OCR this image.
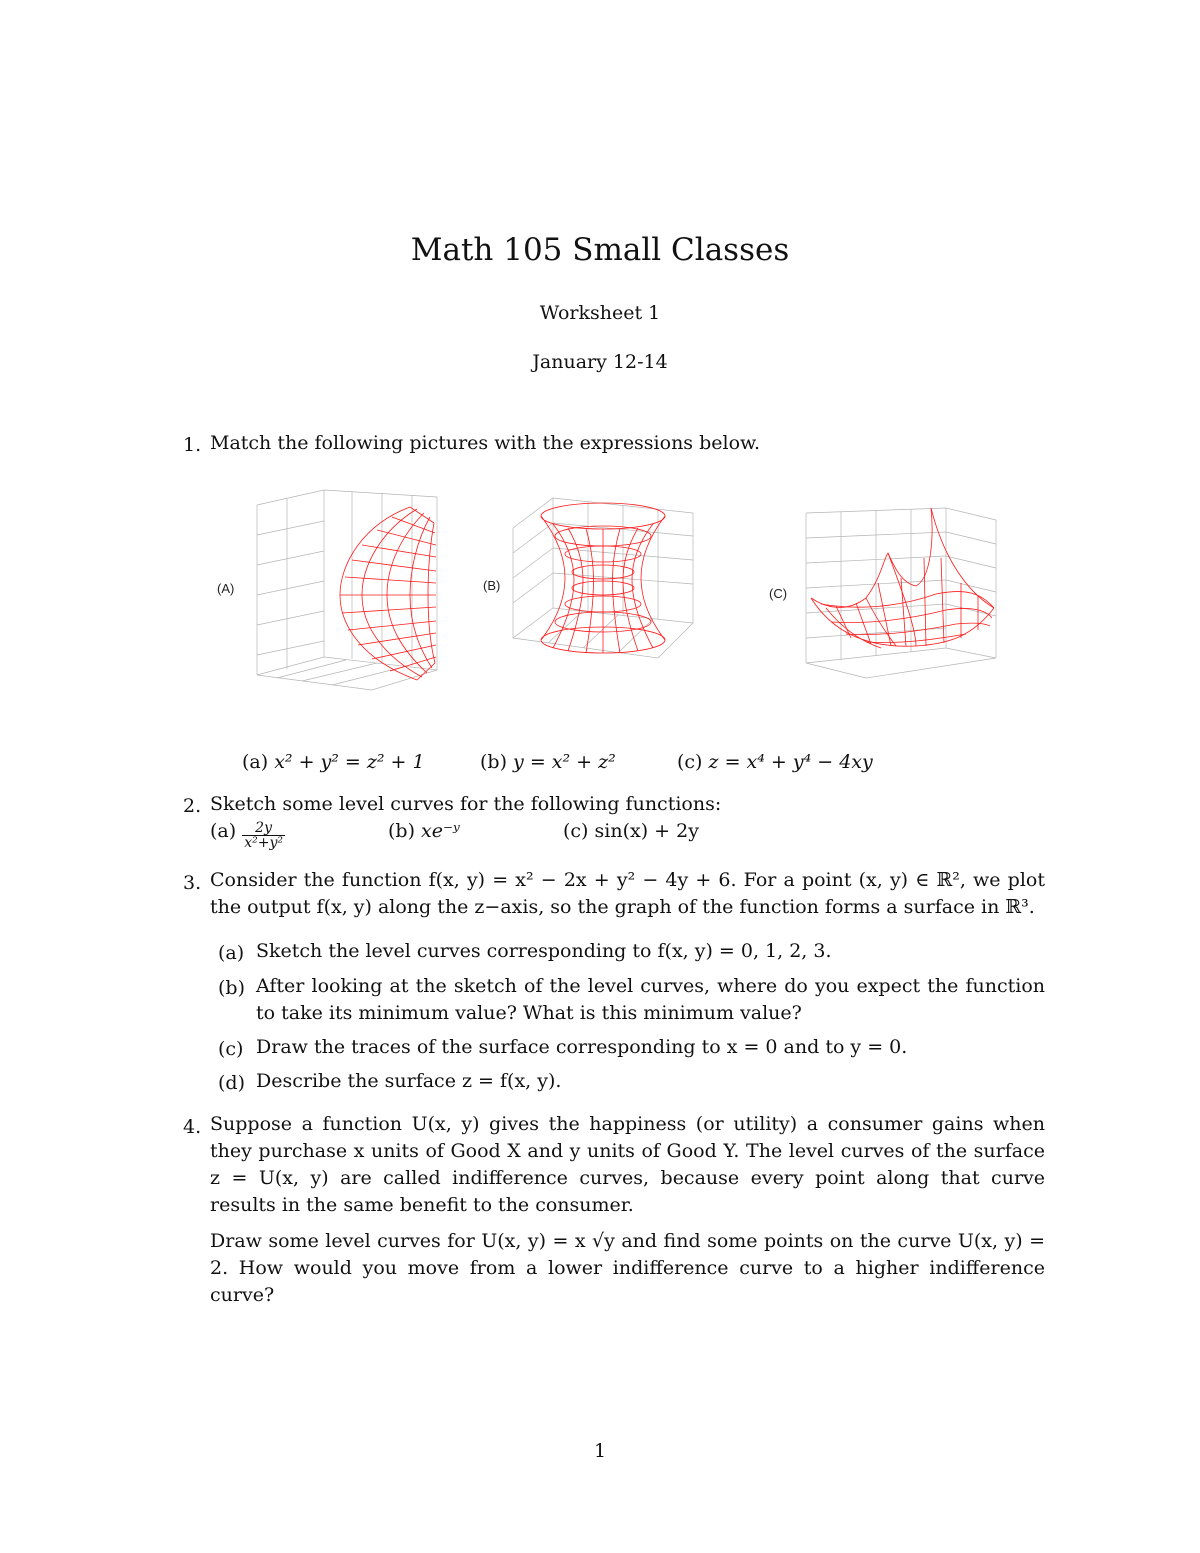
Math 105 Small Classes
Worksheet 1
January 12-14
1. Match the following pictures with the expressions below.
(A)	(B)
(C)
(a) x² + y² = z² + 1	(b) y = x² + z²	(c) z = x⁴ + y⁴ − 4xy
2. Sketch some level curves for the following functions:
$(a) \frac{2y}{\text{x²+y²}}$	(b) xe⁻ʸ	(c) sin(x) + 2y
3. Consider the function f(x, y) = x² − 2x + y² − 4y + 6. For a point (x, y) ∈ ℝ², we plot the output f(x, y) along the z−axis, so the graph of the function forms a surface in ℝ³.
(a) Sketch the level curves corresponding to f(x, y) = 0, 1, 2, 3.
(b) After looking at the sketch of the level curves, where do you expect the function to take its minimum value? What is this minimum value?
(c) Draw the traces of the surface corresponding to x = 0 and to y = 0.
(d) Describe the surface z = f(x, y).
4. Suppose a function U(x, y) gives the happiness (or utility) a consumer gains when they purchase x units of Good X and y units of Good Y. The level curves of the surface z = U(x, y) are called indifference curves, because every point along that curve results in the same benefit to the consumer.
Draw some level curves for U(x, y) = x √y and find some points on the curve U(x, y) = 2. How would you move from a lower indifference curve to a higher indifference curve?
1
